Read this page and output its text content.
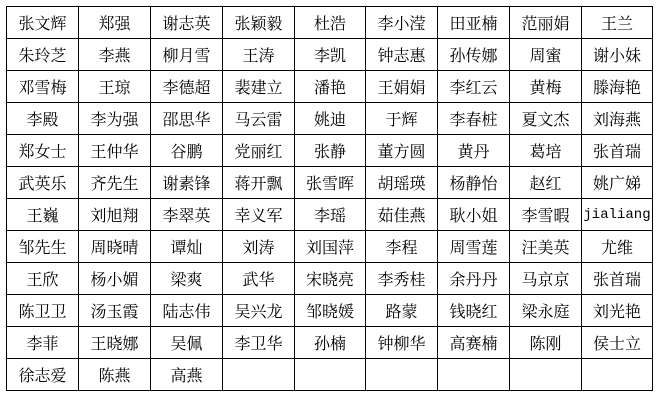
张文辉	郑强	谢志英	张颖毅	杜浩	李小滢	田亚楠	范丽娟	王兰
朱玲芝	李燕	柳月雪	王涛	李凯	钟志惠	孙传娜	周蜜	谢小妹
邓雪梅	王琼	李德超	裴建立	潘艳	王娟娟	李红云	黄梅	滕海艳
李殿	李为强	邵思华	马云雷	姚迪	于辉	李春桩	夏文杰	刘海燕
郑女士	王仲华	谷鹏	党丽红	张静	董方圆	黄丹	葛培	张首瑞
武英乐	齐先生	谢素锋	蒋开飘	张雪晖	胡瑶瑛	杨静怡	赵红	姚广娣
王巍	刘旭翔	李翠英	幸义军	李瑶	茹佳燕	耿小姐	李雪暇	jialiang
邹先生	周晓晴	谭灿	刘涛	刘国萍	李程	周雪莲	汪美英	尤维
王欣	杨小媚	梁爽	武华	宋晓亮	李秀桂	余丹丹	马京京	张首瑞
陈卫卫	汤玉霞	陆志伟	吴兴龙	邹晓媛	路蒙	钱晓红	梁永庭	刘光艳
李菲	王晓娜	吴佩	李卫华	孙楠	钟柳华	高赛楠	陈刚	侯士立
徐志爱	陈燕	高燕						
